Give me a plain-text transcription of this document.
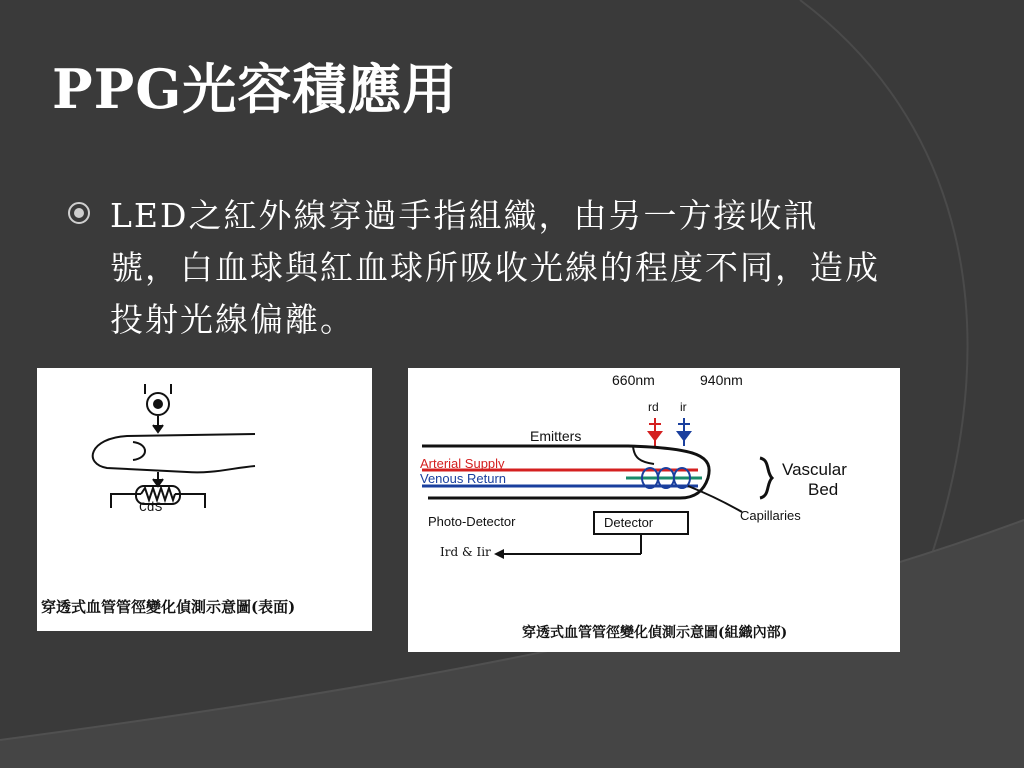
PPG光容積應用

LED之紅外線穿過手指組織，由另一方接收訊號，白血球與紅血球所吸收光線的程度不同，造成投射光線偏離。

CdS
穿透式血管管徑變化偵測示意圖(表面)
660nm	940nm
rd ir
Emitters
Arterial Supply
Venous Return	Vascular
Bed
Capillaries
Photo-Detector	Detector
Ird & Iir
穿透式血管管徑變化偵測示意圖(組織內部)
